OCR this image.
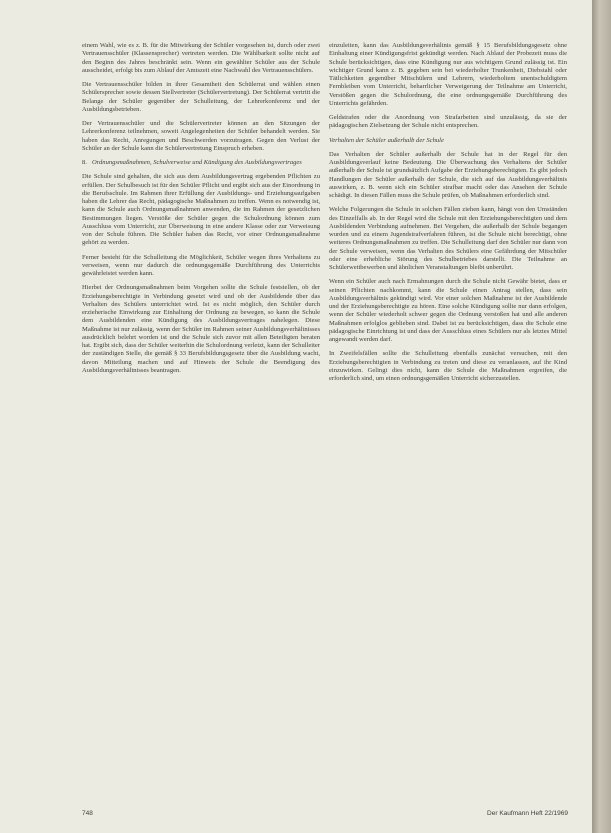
einem Wahl, wie es z. B. für die Mitwirkung der Schüler vorgesehen ist, durch oder zwei Vertrauensschüler (Klassensprecher) vertreten werden. Die Wählbarkeit sollte nicht auf den Beginn des Jahres beschränkt sein. Wenn ein gewählter Schüler aus der Schule ausscheidet, erfolgt bis zum Ablauf der Amtszeit eine Nachwahl des Vertrauensschülers.

Die Vertrauensschüler bilden in ihrer Gesamtheit den Schülerrat und wählen einen Schülersprecher sowie dessen Stellvertreter (Schülervertretung). Der Schülerrat vertritt die Belange der Schüler gegenüber der Schulleitung, der Lehrerkonferenz und der Ausbildungsbetrieben.

Der Vertrauensschüler und die Schülervertreter können an den Sitzungen der Lehrerkonferenz teilnehmen, soweit Angelegenheiten der Schüler behandelt werden. Sie haben das Recht, Anregungen und Beschwerden vorzutragen. Gegen den Verlust der Schüler an der Schule kann die Schülervertretung Einspruch erheben.

8. Ordnungsmaßnahmen, Schulverweise und Kündigung des Ausbildungsvertrages

Die Schule sind gehalten, die sich aus dem Ausbildungsvertrag ergebenden Pflichten zu erfüllen. Der Schulbesuch ist für den Schüler Pflicht und ergibt sich aus der Einordnung in die Berufsschule. Im Rahmen ihrer Erfüllung der Ausbildungs- und Erziehungsaufgaben haben die Lehrer das Recht, pädagogische Maßnahmen zu treffen. Wenn es notwendig ist, kann die Schule auch Ordnungsmaßnahmen anwenden, die im Rahmen der gesetzlichen Bestimmungen liegen. Verstöße der Schüler gegen die Schulordnung können zum Ausschluss vom Unterricht, zur Überweisung in eine andere Klasse oder zur Verweisung von der Schule führen. Die Schüler haben das Recht, vor einer Ordnungsmaßnahme gehört zu werden.

Ferner besteht für die Schulleitung die Möglichkeit, Schüler wegen ihres Verhaltens zu verweisen, wenn nur dadurch die ordnungsgemäße Durchführung des Unterrichts gewährleistet werden kann.

Hierbei der Ordnungsmaßnahmen beim Vorgehen sollte die Schule feststellen, ob der Erziehungsberechtigte in Verbindung gesetzt wird und ob der Ausbildende über das Verhalten des Schülers unterrichtet wird. Ist es nicht möglich, den Schüler durch erzieherische Einwirkung zur Einhaltung der Ordnung zu bewegen, so kann die Schule dem Ausbildenden eine Kündigung des Ausbildungsvertrages nahelegen. Diese Maßnahme ist nur zulässig, wenn der Schüler im Rahmen seiner Ausbildungsverhältnisses ausdrücklich belehrt worden ist und die Schule sich zuvor mit allen Beteiligten beraten hat. Ergibt sich, dass der Schüler weiterhin die Schulordnung verletzt, kann der Schulleiter der zuständigen Stelle, die gemäß § 33 Berufsbildungsgesetz über die Ausbildung wacht, davon Mitteilung machen und auf Hinweis der Schule die Beendigung des Ausbildungsverhältnisses beantragen.

einzuleiten, kann das Ausbildungsverhältnis gemäß § 15 Berufsbildungsgesetz ohne Einhaltung einer Kündigungsfrist gekündigt werden. Nach Ablauf der Probezeit muss die Schule berücksichtigen, dass eine Kündigung nur aus wichtigem Grund zulässig ist. Ein wichtiger Grund kann z. B. gegeben sein bei wiederholter Trunkenheit, Diebstahl oder Tätlichkeiten gegenüber Mitschülern und Lehrern, wiederholtem unentschuldigtem Fernbleiben vom Unterricht, beharrlicher Verweigerung der Teilnahme am Unterricht, Verstößen gegen die Schulordnung, die eine ordnungsgemäße Durchführung des Unterrichts gefährden.

Geldstrafen oder die Anordnung von Strafarbeiten sind unzulässig, da sie der pädagogischen Zielsetzung der Schule nicht entsprechen.

Verhalten der Schüler außerhalb der Schule

Das Verhalten der Schüler außerhalb der Schule hat in der Regel für den Ausbildungsverlauf keine Bedeutung. Die Überwachung des Verhaltens der Schüler außerhalb der Schule ist grundsätzlich Aufgabe der Erziehungsberechtigten. Es gibt jedoch Handlungen der Schüler außerhalb der Schule, die sich auf das Ausbildungsverhältnis auswirken, z. B. wenn sich ein Schüler strafbar macht oder das Ansehen der Schule schädigt. In diesen Fällen muss die Schule prüfen, ob Maßnahmen erforderlich sind.

Welche Folgerungen die Schule in solchen Fällen ziehen kann, hängt von den Umständen des Einzelfalls ab. In der Regel wird die Schule mit den Erziehungsberechtigten und dem Ausbildenden Verbindung aufnehmen. Bei Vergehen, die außerhalb der Schule begangen wurden und zu einem Jugendstrafverfahren führen, ist die Schule nicht berechtigt, ohne weiteres Ordnungsmaßnahmen zu treffen. Die Schulleitung darf den Schüler nur dann von der Schule verweisen, wenn das Verhalten des Schülers eine Gefährdung der Mitschüler oder eine erhebliche Störung des Schulbetriebes darstellt. Die Teilnahme an Schülerwettbewerben und ähnlichen Veranstaltungen bleibt unberührt.

Wenn ein Schüler auch nach Ermahnungen durch die Schule nicht Gewähr bietet, dass er seinen Pflichten nachkommt, kann die Schule einen Antrag stellen, dass sein Ausbildungsverhältnis gekündigt wird. Vor einer solchen Maßnahme ist der Ausbildende und der Erziehungsberechtigte zu hören. Eine solche Kündigung sollte nur dann erfolgen, wenn der Schüler wiederholt schwer gegen die Ordnung verstoßen hat und alle anderen Maßnahmen erfolglos geblieben sind. Dabei ist zu berücksichtigen, dass die Schule eine pädagogische Einrichtung ist und dass der Ausschluss eines Schülers nur als letztes Mittel angewandt werden darf.

In Zweifelsfällen sollte die Schulleitung ebenfalls zunächst versuchen, mit den Erziehungsberechtigten in Verbindung zu treten und diese zu veranlassen, auf ihr Kind einzuwirken. Gelingt dies nicht, kann die Schule die Maßnahmen ergreifen, die erforderlich sind, um einen ordnungsgemäßen Unterricht sicherzustellen.

748	Der Kaufmann Heft 22/1969
